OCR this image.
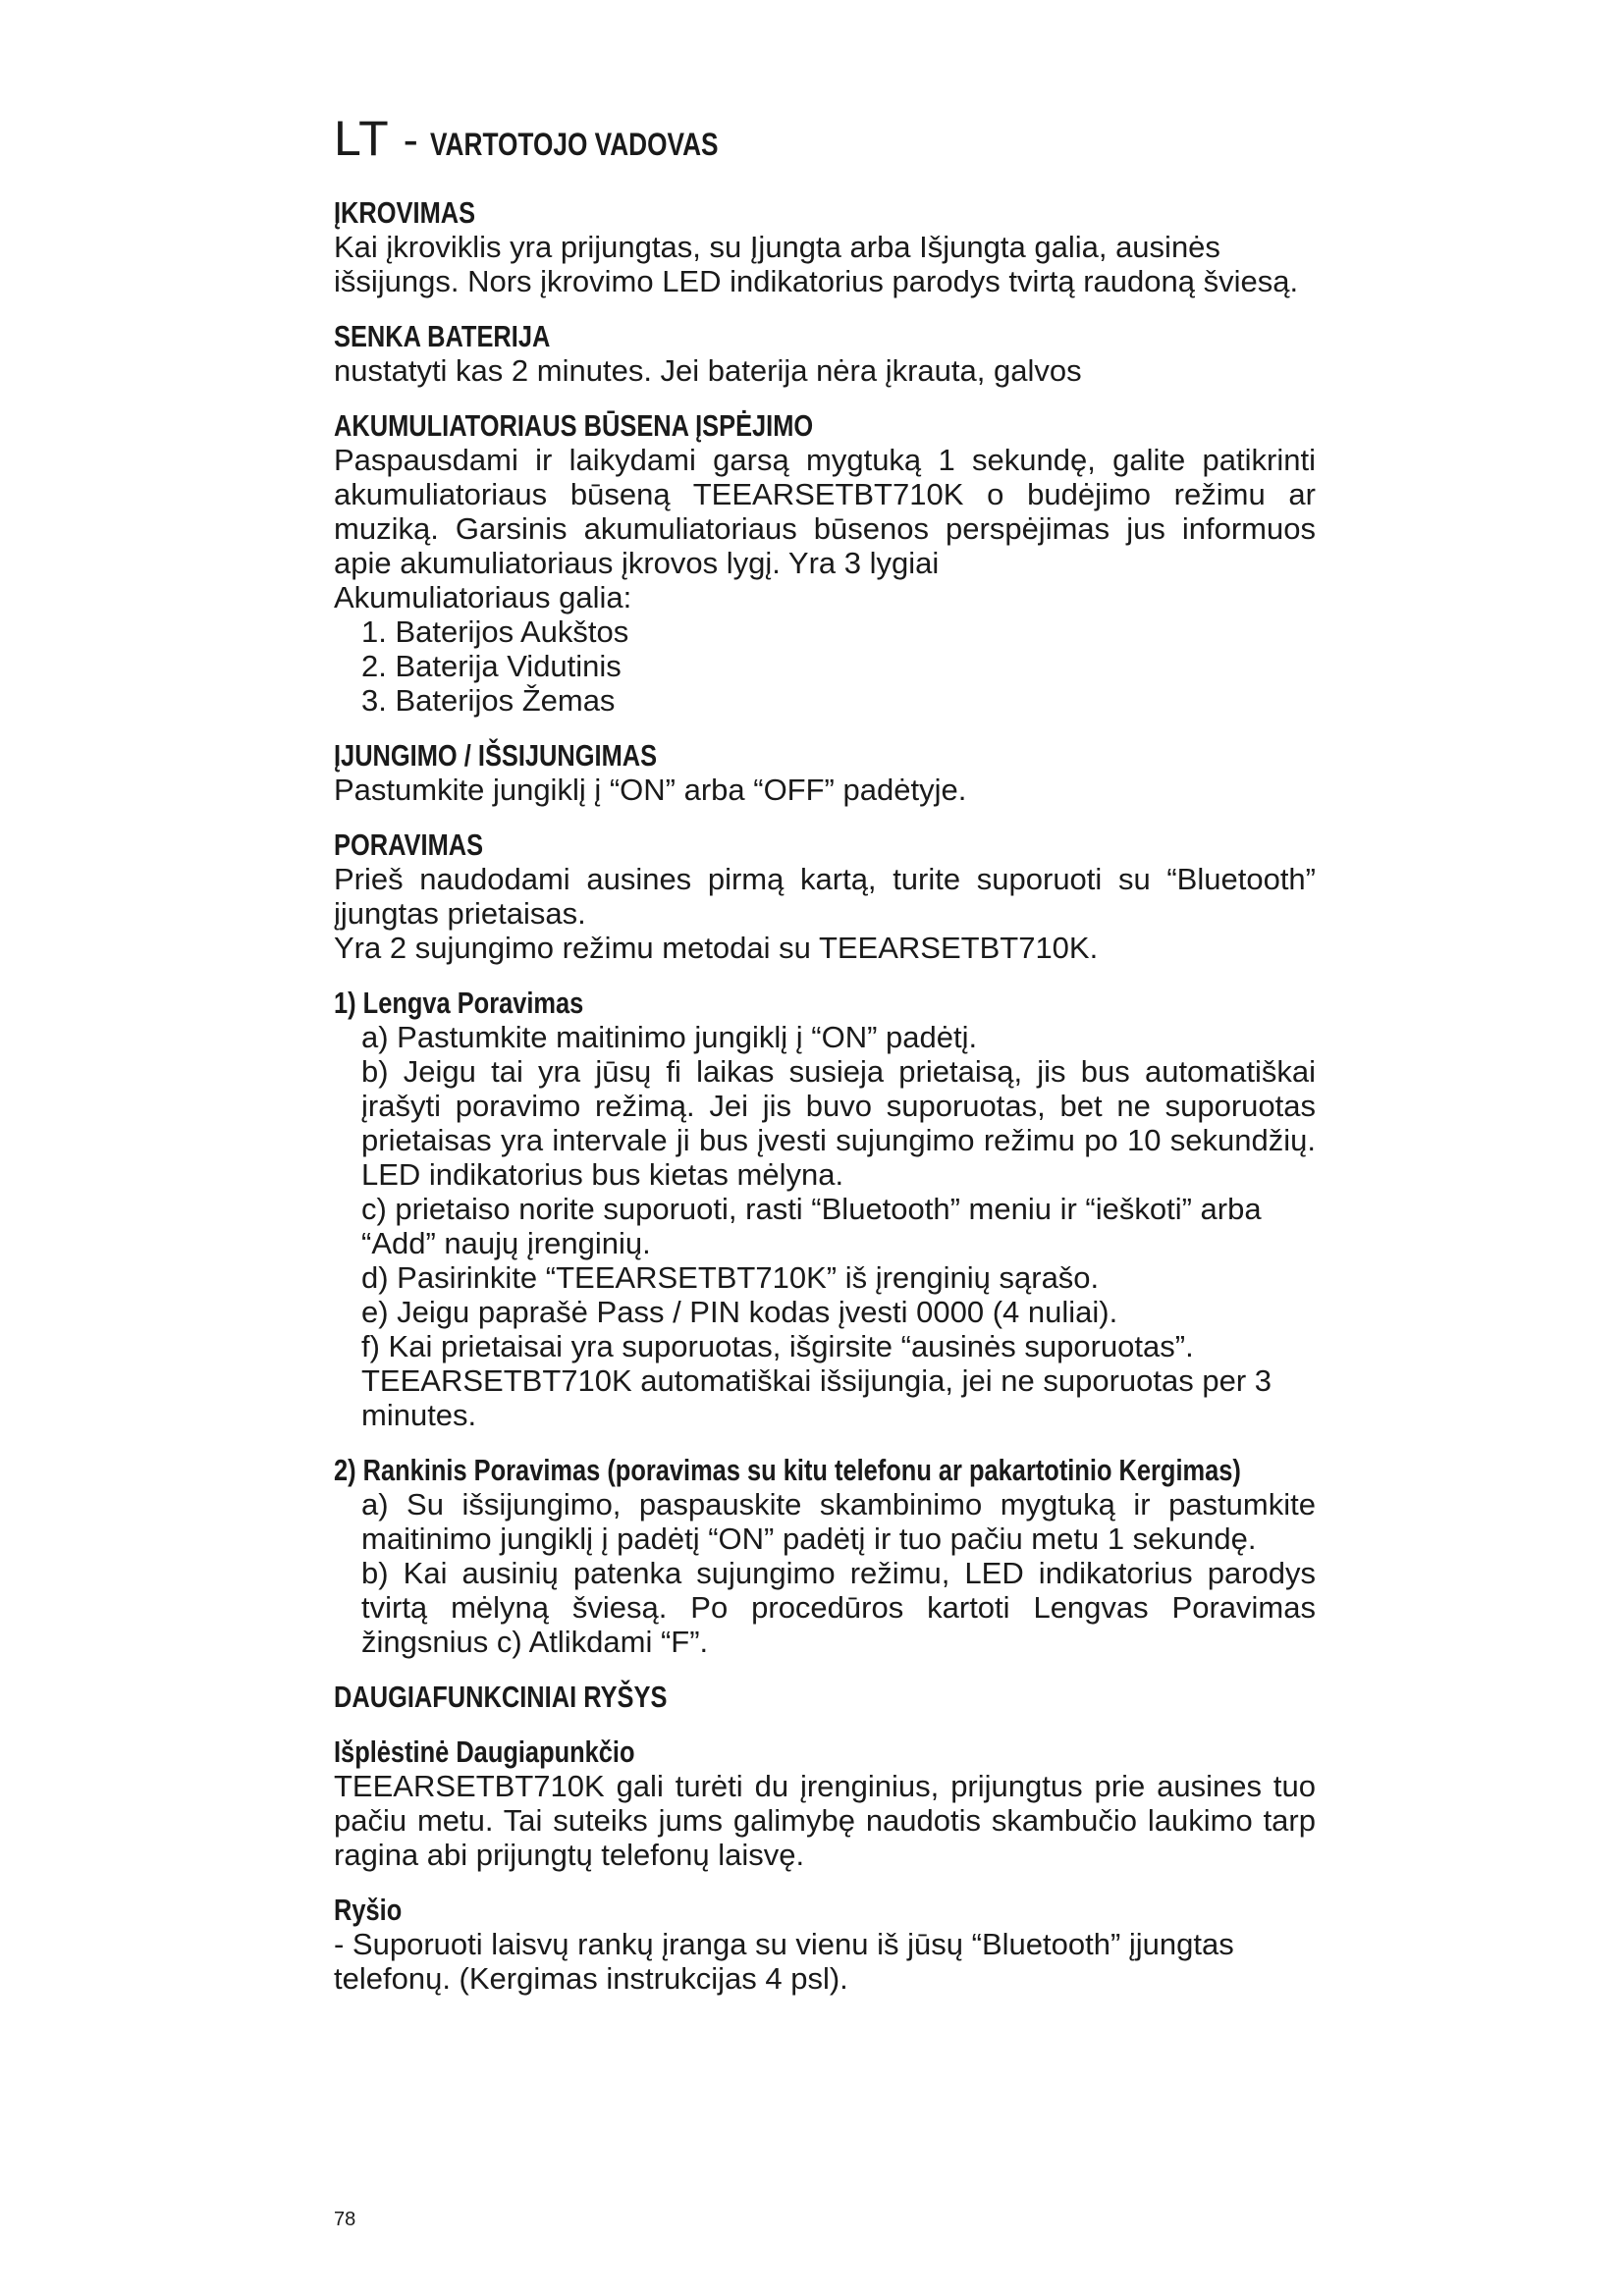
LT - VARTOTOJO VADOVAS
ĮKROVIMAS

Kai įkroviklis yra prijungtas, su Įjungta arba Išjungta galia, ausinės išsijungs. Nors įkrovimo LED indikatorius parodys tvirtą raudoną šviesą.

SENKA BATERIJA

nustatyti kas 2 minutes. Jei baterija nėra įkrauta, galvos

AKUMULIATORIAUS BŪSENA ĮSPĖJIMO

Paspausdami ir laikydami garsą mygtuką 1 sekundę, galite patikrinti akumuliatoriaus būseną TEEARSETBT710K o budėjimo režimu ar muziką. Garsinis akumuliatoriaus būsenos perspėjimas jus informuos apie akumuliatoriaus įkrovos lygį. Yra 3 lygiai

Akumuliatoriaus galia:

1. Baterijos Aukštos

2. Baterija Vidutinis

3. Baterijos Žemas

ĮJUNGIMO / IŠSIJUNGIMAS

Pastumkite jungiklį į “ON” arba “OFF” padėtyje.

PORAVIMAS

Prieš naudodami ausines pirmą kartą, turite suporuoti su “Bluetooth” įjungtas prietaisas.

Yra 2 sujungimo režimu metodai su TEEARSETBT710K.

1) Lengva Poravimas

a) Pastumkite maitinimo jungiklį į “ON” padėtį.

b) Jeigu tai yra jūsų fi laikas susieja prietaisą, jis bus automatiškai įrašyti poravimo režimą. Jei jis buvo suporuotas, bet ne suporuotas prietaisas yra intervale ji bus įvesti sujungimo režimu po 10 sekundžių. LED indikatorius bus kietas mėlyna.

c) prietaiso norite suporuoti, rasti “Bluetooth” meniu ir “ieškoti” arba “Add” naujų įrenginių.

d) Pasirinkite “TEEARSETBT710K” iš įrenginių sąrašo.

e) Jeigu paprašė Pass / PIN kodas įvesti 0000 (4 nuliai).

f) Kai prietaisai yra suporuotas, išgirsite “ausinės suporuotas”. TEEARSETBT710K automatiškai išsijungia, jei ne suporuotas per 3 minutes.

2) Rankinis Poravimas (poravimas su kitu telefonu ar pakartotinio Kergimas)

a) Su išsijungimo, paspauskite skambinimo mygtuką ir pastumkite maitinimo jungiklį į padėtį “ON” padėtį ir tuo pačiu metu 1 sekundę.

b) Kai ausinių patenka sujungimo režimu, LED indikatorius parodys tvirtą mėlyną šviesą. Po procedūros kartoti Lengvas Poravimas žingsnius c) Atlikdami “F”.

DAUGIAFUNKCINIAI RYŠYS
Išplėstinė Daugiapunkčio

TEEARSETBT710K gali turėti du įrenginius, prijungtus prie ausines tuo pačiu metu. Tai suteiks jums galimybę naudotis skambučio laukimo tarp ragina abi prijungtų telefonų laisvę.

Ryšio

- Suporuoti laisvų rankų įranga su vienu iš jūsų “Bluetooth” įjungtas telefonų. (Kergimas instrukcijas 4 psl).

78
